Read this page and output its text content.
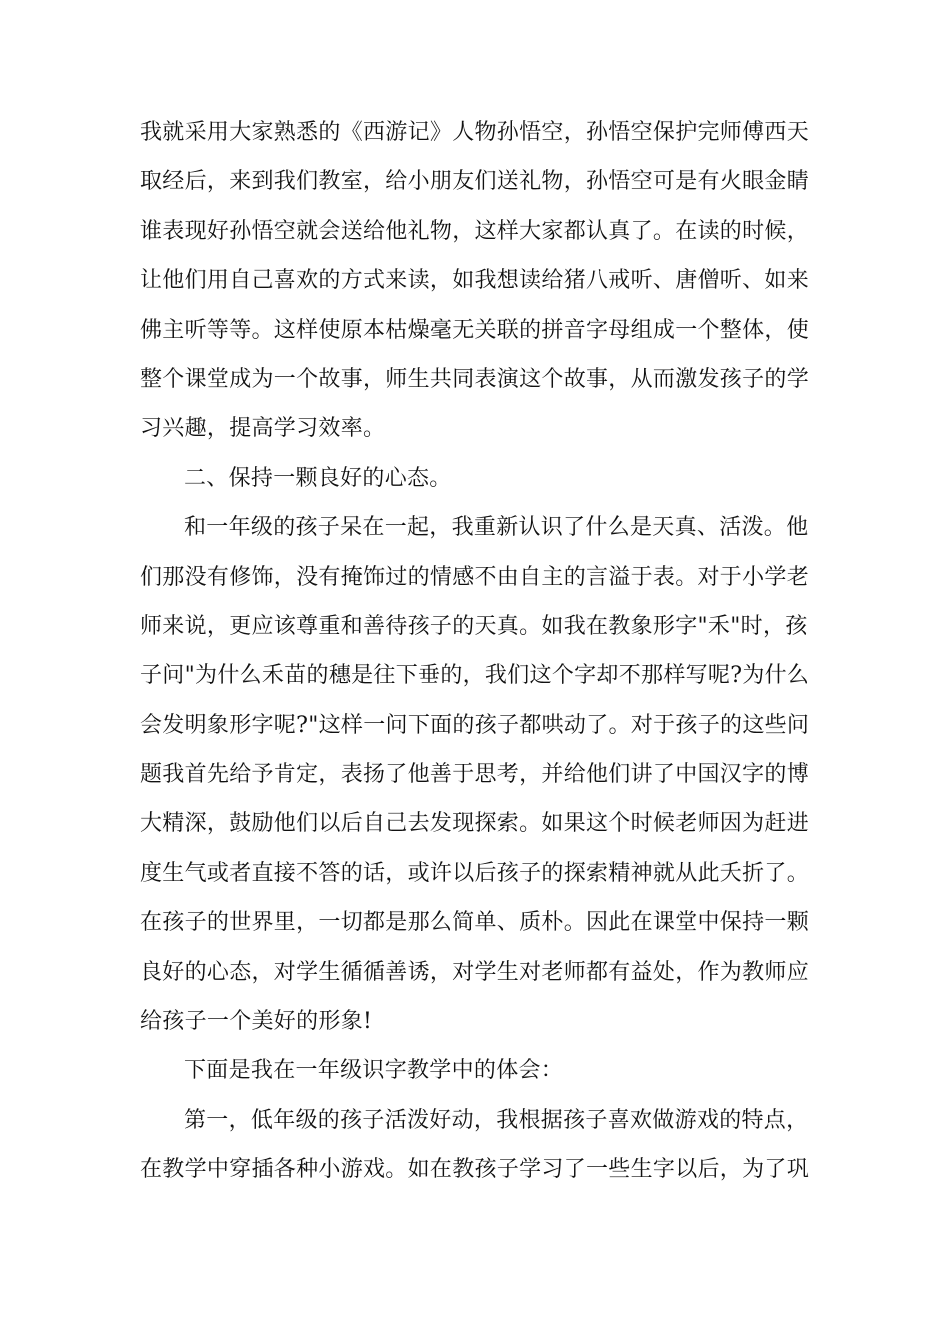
我就采用大家熟悉的《西游记》人物孙悟空，孙悟空保护完师傅西天
取经后，来到我们教室，给小朋友们送礼物，孙悟空可是有火眼金睛
谁表现好孙悟空就会送给他礼物，这样大家都认真了。在读的时候，
让他们用自己喜欢的方式来读，如我想读给猪八戒听、唐僧听、如来
佛主听等等。这样使原本枯燥毫无关联的拼音字母组成一个整体，使
整个课堂成为一个故事，师生共同表演这个故事，从而激发孩子的学
习兴趣，提高学习效率。
二、保持一颗良好的心态。
和一年级的孩子呆在一起，我重新认识了什么是天真、活泼。他
们那没有修饰，没有掩饰过的情感不由自主的言溢于表。对于小学老
师来说，更应该尊重和善待孩子的天真。如我在教象形字"禾"时，孩
子问"为什么禾苗的穗是往下垂的，我们这个字却不那样写呢?为什么
会发明象形字呢?"这样一问下面的孩子都哄动了。对于孩子的这些问
题我首先给予肯定，表扬了他善于思考，并给他们讲了中国汉字的博
大精深，鼓励他们以后自己去发现探索。如果这个时候老师因为赶进
度生气或者直接不答的话，或许以后孩子的探索精神就从此夭折了。
在孩子的世界里，一切都是那么简单、质朴。因此在课堂中保持一颗
良好的心态，对学生循循善诱，对学生对老师都有益处，作为教师应
给孩子一个美好的形象!
下面是我在一年级识字教学中的体会：
第一，低年级的孩子活泼好动，我根据孩子喜欢做游戏的特点，
在教学中穿插各种小游戏。如在教孩子学习了一些生字以后，为了巩
